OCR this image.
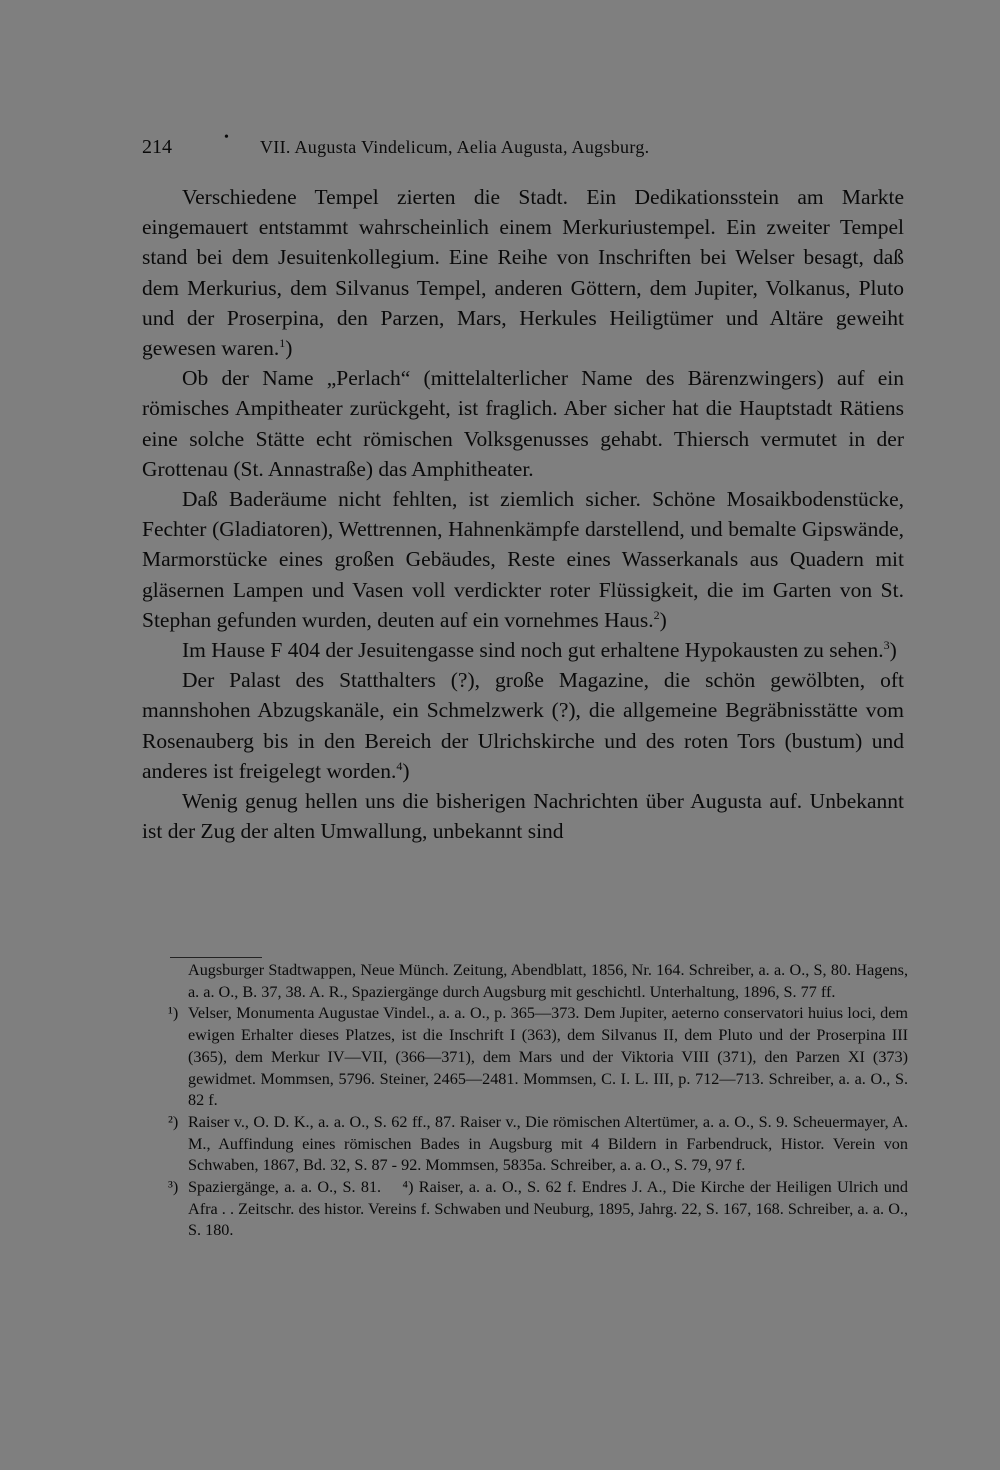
214	• VII. Augusta Vindelicum, Aelia Augusta, Augsburg.

Verschiedene Tempel zierten die Stadt. Ein Dedikationsstein am Markte eingemauert entstammt wahrscheinlich einem Merkuriustempel. Ein zweiter Tempel stand bei dem Jesuitenkollegium. Eine Reihe von Inschriften bei Welser besagt, daß dem Merkurius, dem Silvanus Tempel, anderen Göttern, dem Jupiter, Volkanus, Pluto und der Proserpina, den Parzen, Mars, Herkules Heiligtümer und Altäre geweiht gewesen waren.$^1$)

Ob der Name „Perlach“ (mittelalterlicher Name des Bärenzwingers) auf ein römisches Ampitheater zurückgeht, ist fraglich. Aber sicher hat die Hauptstadt Rätiens eine solche Stätte echt römischen Volksgenusses gehabt. Thiersch vermutet in der Grottenau (St. Annastraße) das Amphitheater.

Daß Baderäume nicht fehlten, ist ziemlich sicher. Schöne Mosaikbodenstücke, Fechter (Gladiatoren), Wettrennen, Hahnenkämpfe darstellend, und bemalte Gipswände, Marmorstücke eines großen Gebäudes, Reste eines Wasserkanals aus Quadern mit gläsernen Lampen und Vasen voll verdickter roter Flüssigkeit, die im Garten von St. Stephan gefunden wurden, deuten auf ein vornehmes Haus.$^2$)

Im Hause F 404 der Jesuitengasse sind noch gut erhaltene Hypokausten zu sehen.$^3$)

Der Palast des Statthalters (?), große Magazine, die schön gewölbten, oft mannshohen Abzugskanäle, ein Schmelzwerk (?), die allgemeine Begräbnisstätte vom Rosenauberg bis in den Bereich der Ulrichskirche und des roten Tors (bustum) und anderes ist freigelegt worden.$^4$)

Wenig genug hellen uns die bisherigen Nachrichten über Augusta auf. Unbekannt ist der Zug der alten Umwallung, unbekannt sind

Augsburger Stadtwappen, Neue Münch. Zeitung, Abendblatt, 1856, Nr. 164. Schreiber, a. a. O., S, 80. Hagens, a. a. O., B. 37, 38. A. R., Spaziergänge durch Augsburg mit geschichtl. Unterhaltung, 1896, S. 77 ff.

¹) Velser, Monumenta Augustae Vindel., a. a. O., p. 365—373. Dem Jupiter, aeterno conservatori huius loci, dem ewigen Erhalter dieses Platzes, ist die Inschrift I (363), dem Silvanus II, dem Pluto und der Proserpina III (365), dem Merkur IV—VII, (366—371), dem Mars und der Viktoria VIII (371), den Parzen XI (373) gewidmet. Mommsen, 5796. Steiner, 2465—2481. Mommsen, C. I. L. III, p. 712—713. Schreiber, a. a. O., S. 82 f.

²) Raiser v., O. D. K., a. a. O., S. 62 ff., 87. Raiser v., Die römischen Altertümer, a. a. O., S. 9. Scheuermayer, A. M., Auffindung eines römischen Bades in Augsburg mit 4 Bildern in Farbendruck, Histor. Verein von Schwaben, 1867, Bd. 32, S. 87 - 92. Mommsen, 5835a. Schreiber, a. a. O., S. 79, 97 f.

³) Spaziergänge, a. a. O., S. 81. ⁴) Raiser, a. a. O., S. 62 f. Endres J. A., Die Kirche der Heiligen Ulrich und Afra . . Zeitschr. des histor. Vereins f. Schwaben und Neuburg, 1895, Jahrg. 22, S. 167, 168. Schreiber, a. a. O., S. 180.
